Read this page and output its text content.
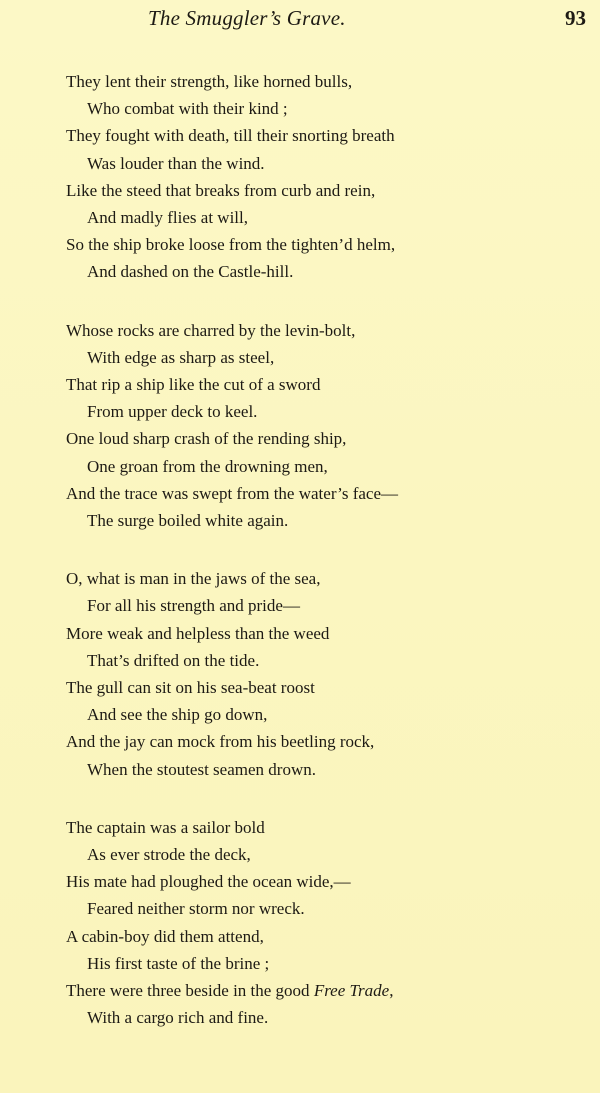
The Smuggler’s Grave.	93
They lent their strength, like horned bulls,
Who combat with their kind ;
They fought with death, till their snorting breath
Was louder than the wind.
Like the steed that breaks from curb and rein,
And madly flies at will,
So the ship broke loose from the tighten’d helm,
And dashed on the Castle-hill.
Whose rocks are charred by the levin-bolt,
With edge as sharp as steel,
That rip a ship like the cut of a sword
From upper deck to keel.
One loud sharp crash of the rending ship,
One groan from the drowning men,
And the trace was swept from the water’s face—
The surge boiled white again.
O, what is man in the jaws of the sea,
For all his strength and pride—
More weak and helpless than the weed
That’s drifted on the tide.
The gull can sit on his sea-beat roost
And see the ship go down,
And the jay can mock from his beetling rock,
When the stoutest seamen drown.
The captain was a sailor bold
As ever strode the deck,
His mate had ploughed the ocean wide,—
Feared neither storm nor wreck.
A cabin-boy did them attend,
His first taste of the brine ;
There were three beside in the good Free Trade,
With a cargo rich and fine.
